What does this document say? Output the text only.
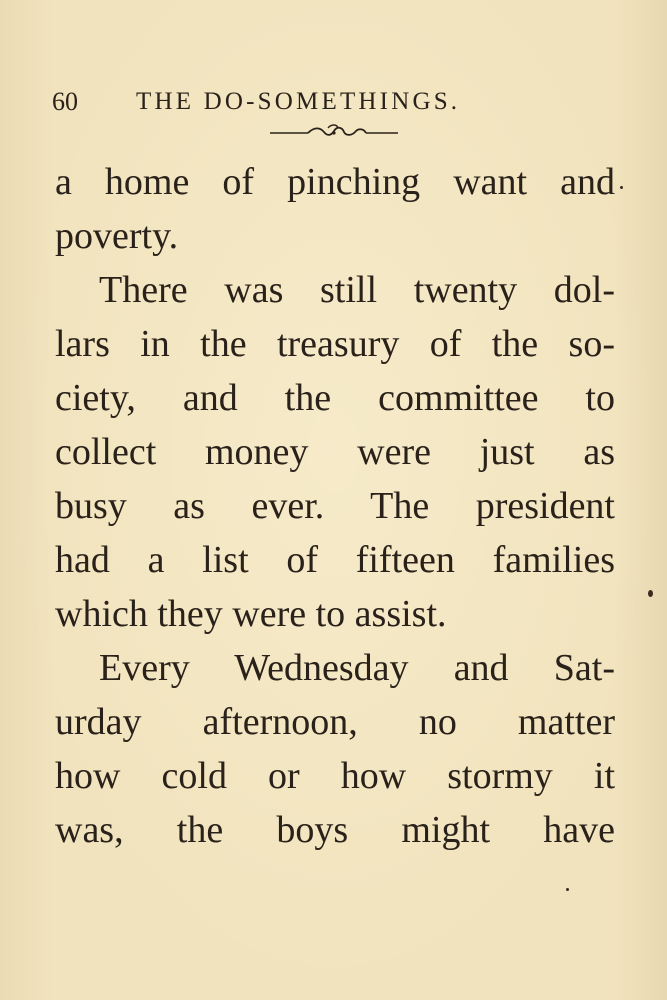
60 THE DO-SOMETHINGS.
a home of pinching want and
poverty.
There was still twenty dol-
lars in the treasury of the so-
ciety, and the committee to
collect money were just as
busy as ever. The president
had a list of fifteen families
which they were to assist.
Every Wednesday and Sat-
urday afternoon, no matter
how cold or how stormy it
was, the boys might have
